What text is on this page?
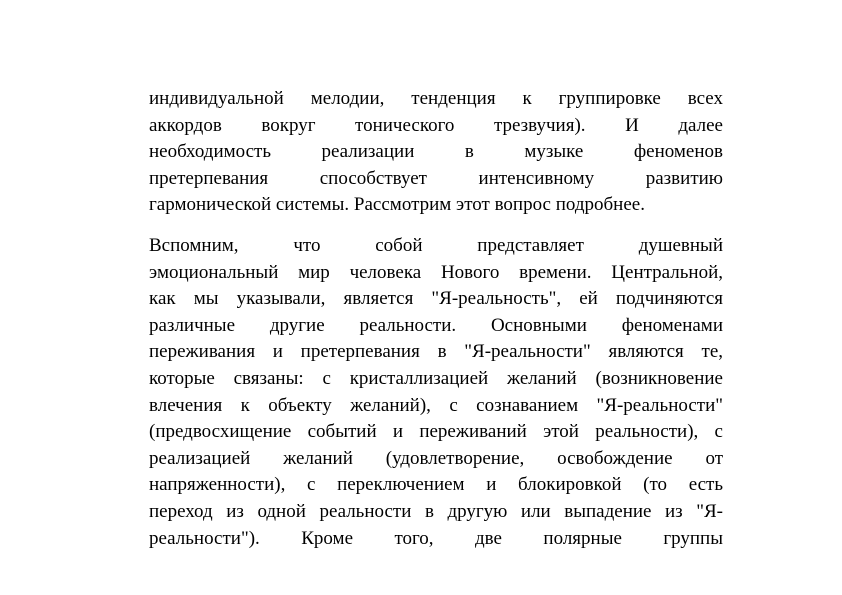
индивидуальной мелодии, тенденция к группировке всех
аккордов вокруг тонического трезвучия). И далее
необходимость реализации в музыке феноменов
претерпевания способствует интенсивному развитию
гармонической системы. Рассмотрим этот вопрос подробнее.
Вспомним, что собой представляет душевный
эмоциональный мир человека Нового времени. Центральной,
как мы указывали, является "Я-реальность", ей подчиняются
различные другие реальности. Основными феноменами
переживания и претерпевания в "Я-реальности" являются те,
которые связаны: с кристаллизацией желаний (возникновение
влечения к объекту желаний), с сознаванием "Я-реальности"
(предвосхищение событий и переживаний этой реальности), с
реализацией желаний (удовлетворение, освобождение от
напряженности), с переключением и блокировкой (то есть
переход из одной реальности в другую или выпадение из "Я-
реальности"). Кроме того, две полярные группы
